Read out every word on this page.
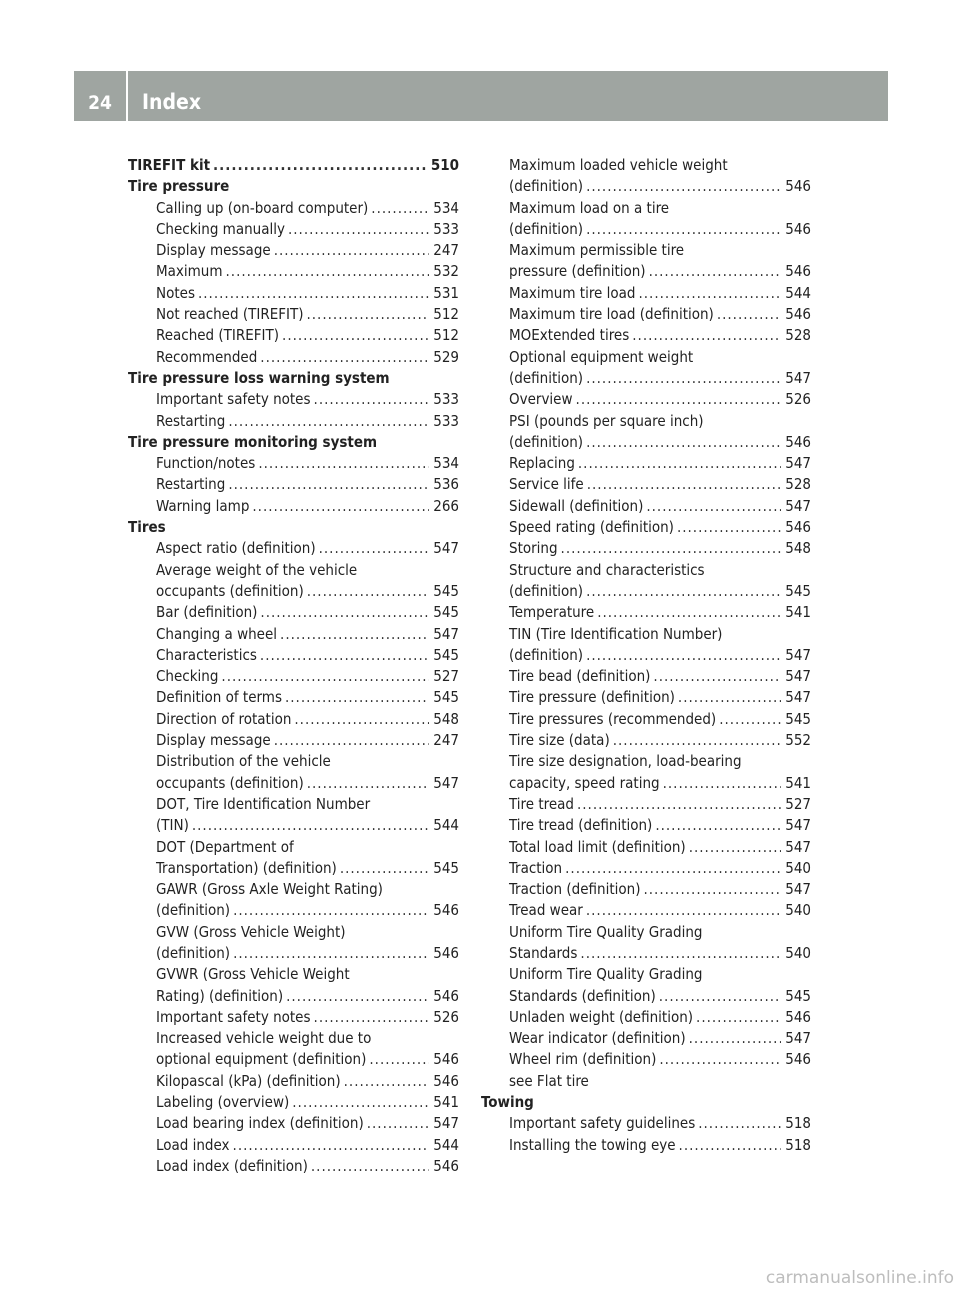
24	Index
TIREFIT kit .....	510
Tire pressure
Calling up (on-board computer) .....	534
Checking manually .....	533
Display message .....	247
Maximum .....	532
Notes .....	531
Not reached (TIREFIT) .....	512
Reached (TIREFIT) .....	512
Recommended .....	529
Tire pressure loss warning system
Important safety notes .....	533
Restarting .....	533
Tire pressure monitoring system
Function/notes .....	534
Restarting .....	536
Warning lamp .....	266
Tires
Aspect ratio (definition) .....	547
Average weight of the vehicle
occupants (definition) .....	545
Bar (definition) .....	545
Changing a wheel .....	547
Characteristics .....	545
Checking .....	527
Definition of terms .....	545
Direction of rotation .....	548
Display message .....	247
Distribution of the vehicle
occupants (definition) .....	547
DOT, Tire Identification Number
(TIN) .....	544
DOT (Department of
Transportation) (definition) .....	545
GAWR (Gross Axle Weight Rating)
(definition) .....	546
GVW (Gross Vehicle Weight)
(definition) .....	546
GVWR (Gross Vehicle Weight
Rating) (definition) .....	546
Important safety notes .....	526
Increased vehicle weight due to
optional equipment (definition) .....	546
Kilopascal (kPa) (definition) .....	546
Labeling (overview) .....	541
Load bearing index (definition) .....	547
Load index .....	544
Load index (definition) .....	546
Maximum loaded vehicle weight
(definition) .....	546
Maximum load on a tire
(definition) .....	546
Maximum permissible tire
pressure (definition) .....	546
Maximum tire load .....	544
Maximum tire load (definition) .....	546
MOExtended tires .....	528
Optional equipment weight
(definition) .....	547
Overview .....	526
PSI (pounds per square inch)
(definition) .....	546
Replacing .....	547
Service life .....	528
Sidewall (definition) .....	547
Speed rating (definition) .....	546
Storing .....	548
Structure and characteristics
(definition) .....	545
Temperature .....	541
TIN (Tire Identification Number)
(definition) .....	547
Tire bead (definition) .....	547
Tire pressure (definition) .....	547
Tire pressures (recommended) .....	545
Tire size (data) .....	552
Tire size designation, load-bearing
capacity, speed rating .....	541
Tire tread .....	527
Tire tread (definition) .....	547
Total load limit (definition) .....	547
Traction .....	540
Traction (definition) .....	547
Tread wear .....	540
Uniform Tire Quality Grading
Standards .....	540
Uniform Tire Quality Grading
Standards (definition) .....	545
Unladen weight (definition) .....	546
Wear indicator (definition) .....	547
Wheel rim (definition) .....	546
see Flat tire
Towing
Important safety guidelines .....	518
Installing the towing eye .....	518
carmanualsonline.info
